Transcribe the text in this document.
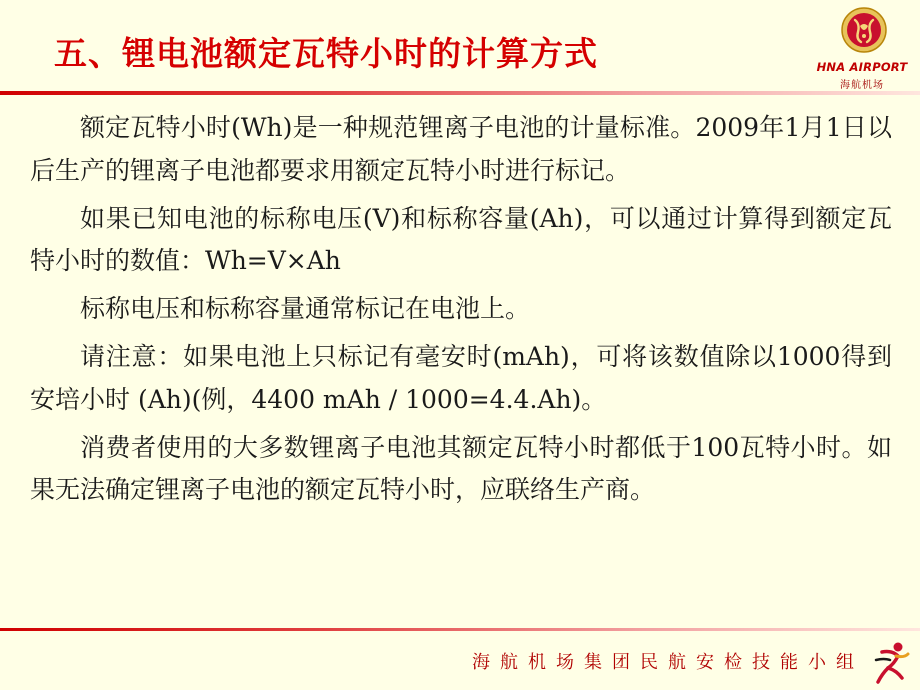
五、锂电池额定瓦特小时的计算方式	HNA AIRPORT
海航机场

额定瓦特小时(Wh)是一种规范锂离子电池的计量标准。2009年1月1日以后生产的锂离子电池都要求用额定瓦特小时进行标记。

如果已知电池的标称电压(V)和标称容量(Ah)，可以通过计算得到额定瓦特小时的数值：Wh=V×Ah

标称电压和标称容量通常标记在电池上。

请注意：如果电池上只标记有毫安时(mAh)，可将该数值除以1000得到安培小时 (Ah)(例，4400 mAh / 1000=4.4.Ah)。

消费者使用的大多数锂离子电池其额定瓦特小时都低于100瓦特小时。如果无法确定锂离子电池的额定瓦特小时，应联络生产商。

海航机场集团民航安检技能小组
